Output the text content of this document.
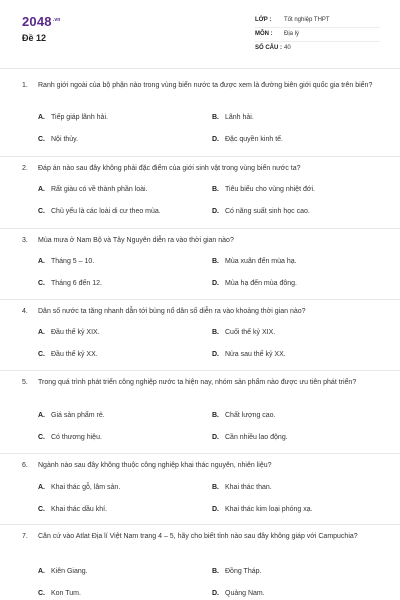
$2048^{.vn}$
Đề 12
LỚP :	Tốt nghiệp THPT
MÔN :	Địa lý
SỐ CÂU : 40
1. Ranh giới ngoài của bộ phận nào trong vùng biển nước ta được xem là đường biên giới quốc gia trên biển?
A. Tiếp giáp lãnh hải.	B. Lãnh hải.
C. Nội thủy.	D. Đặc quyền kinh tế.
2. Đáp án nào sau đây không phải đặc điểm của giới sinh vật trong vùng biển nước ta?
A. Rất giàu có về thành phần loài.	B. Tiêu biểu cho vùng nhiệt đới.
C. Chủ yếu là các loài di cư theo mùa.	D. Có năng suất sinh học cao.
3. Mùa mưa ở Nam Bộ và Tây Nguyên diễn ra vào thời gian nào?
A. Tháng 5 – 10.	B. Mùa xuân đến mùa hạ.
C. Tháng 6 đến 12.	D. Mùa hạ đến mùa đông.
4. Dân số nước ta tăng nhanh dẫn tới bùng nổ dân số diễn ra vào khoảng thời gian nào?
A. Đầu thế kỷ XIX.	B. Cuối thế kỷ XIX.
C. Đầu thế kỷ XX.	D. Nửa sau thế kỷ XX.
5. Trong quá trình phát triển công nghiệp nước ta hiện nay, nhóm sản phẩm nào được ưu tiên phát triển?
A. Giá sản phẩm rẻ.	B. Chất lượng cao.
C. Có thương hiệu.	D. Cần nhiều lao động.
6. Ngành nào sau đây không thuộc công nghiệp khai thác nguyên, nhiên liệu?
A. Khai thác gỗ, lâm sản.	B. Khai thác than.
C. Khai thác dầu khí.	D. Khai thác kim loại phóng xạ.
7. Căn cứ vào Atlat Địa lí Việt Nam trang 4 – 5, hãy cho biết tỉnh nào sau đây không giáp với Campuchia?
A. Kiên Giang.	B. Đồng Tháp.
C. Kon Tum.	D. Quảng Nam.
